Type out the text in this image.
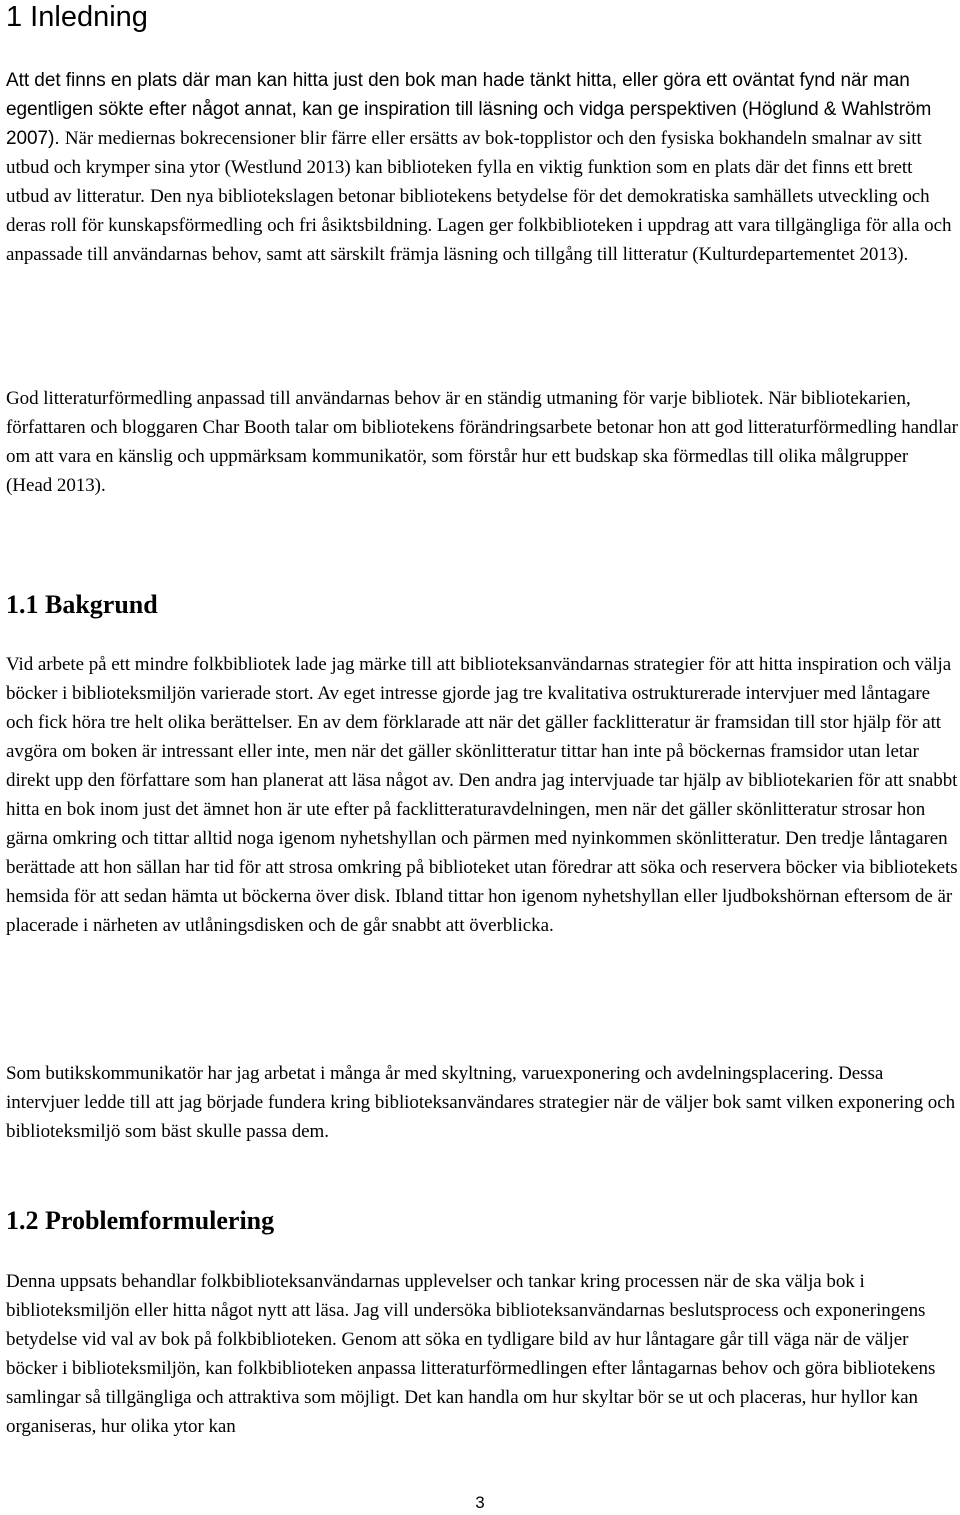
1 Inledning

Att det finns en plats där man kan hitta just den bok man hade tänkt hitta, eller göra ett oväntat fynd när man egentligen sökte efter något annat, kan ge inspiration till läsning och vidga perspektiven (Höglund & Wahlström 2007). När mediernas bokrecensioner blir färre eller ersätts av bok-topplistor och den fysiska bokhandeln smalnar av sitt utbud och krymper sina ytor (Westlund 2013) kan biblioteken fylla en viktig funktion som en plats där det finns ett brett utbud av litteratur. Den nya bibliotekslagen betonar bibliotekens betydelse för det demokratiska samhällets utveckling och deras roll för kunskapsförmedling och fri åsiktsbildning. Lagen ger folkbiblioteken i uppdrag att vara tillgängliga för alla och anpassade till användarnas behov, samt att särskilt främja läsning och tillgång till litteratur (Kulturdepartementet 2013).

God litteraturförmedling anpassad till användarnas behov är en ständig utmaning för varje bibliotek. När bibliotekarien, författaren och bloggaren Char Booth talar om bibliotekens förändringsarbete betonar hon att god litteraturförmedling handlar om att vara en känslig och uppmärksam kommunikatör, som förstår hur ett budskap ska förmedlas till olika målgrupper (Head 2013).

1.1 Bakgrund

Vid arbete på ett mindre folkbibliotek lade jag märke till att biblioteksanvändarnas strategier för att hitta inspiration och välja böcker i biblioteksmiljön varierade stort. Av eget intresse gjorde jag tre kvalitativa ostrukturerade intervjuer med låntagare och fick höra tre helt olika berättelser. En av dem förklarade att när det gäller facklitteratur är framsidan till stor hjälp för att avgöra om boken är intressant eller inte, men när det gäller skönlitteratur tittar han inte på böckernas framsidor utan letar direkt upp den författare som han planerat att läsa något av. Den andra jag intervjuade tar hjälp av bibliotekarien för att snabbt hitta en bok inom just det ämnet hon är ute efter på facklitteraturavdelningen, men när det gäller skönlitteratur strosar hon gärna omkring och tittar alltid noga igenom nyhetshyllan och pärmen med nyinkommen skönlitteratur. Den tredje låntagaren berättade att hon sällan har tid för att strosa omkring på biblioteket utan föredrar att söka och reservera böcker via bibliotekets hemsida för att sedan hämta ut böckerna över disk. Ibland tittar hon igenom nyhetshyllan eller ljudbokshörnan eftersom de är placerade i närheten av utlåningsdisken och de går snabbt att överblicka.

Som butikskommunikatör har jag arbetat i många år med skyltning, varuexponering och avdelningsplacering. Dessa intervjuer ledde till att jag började fundera kring biblioteksanvändares strategier när de väljer bok samt vilken exponering och biblioteksmiljö som bäst skulle passa dem.

1.2 Problemformulering

Denna uppsats behandlar folkbiblioteksanvändarnas upplevelser och tankar kring processen när de ska välja bok i biblioteksmiljön eller hitta något nytt att läsa. Jag vill undersöka biblioteksanvändarnas beslutsprocess och exponeringens betydelse vid val av bok på folkbiblioteken. Genom att söka en tydligare bild av hur låntagare går till väga när de väljer böcker i biblioteksmiljön, kan folkbiblioteken anpassa litteraturförmedlingen efter låntagarnas behov och göra bibliotekens samlingar så tillgängliga och attraktiva som möjligt. Det kan handla om hur skyltar bör se ut och placeras, hur hyllor kan organiseras, hur olika ytor kan

3
